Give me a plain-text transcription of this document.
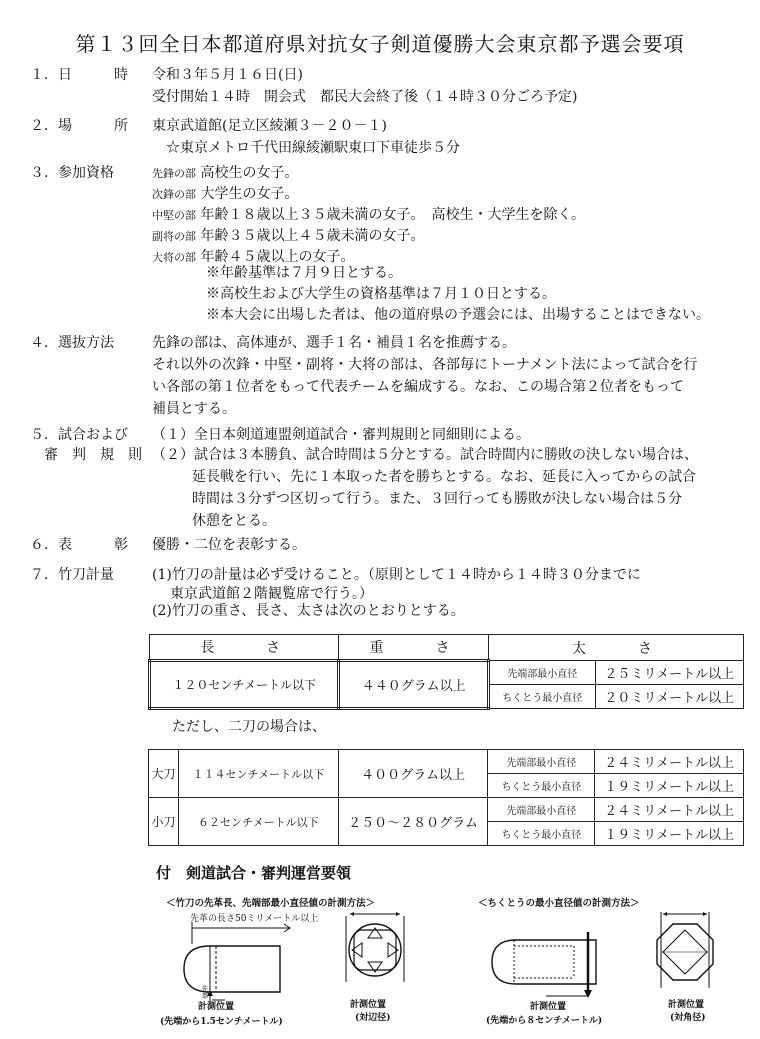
第１３回全日本都道府県対抗女子剣道優勝大会東京都予選会要項
１．日　　　時 令和３年５月１６日(日)
受付開始１４時　開会式　都民大会終了後（１４時３０分ごろ予定)
２．場　　　所 東京武道館(足立区綾瀬３－２０－１)
☆東京メトロ千代田線綾瀬駅東口下車徒歩５分
３．参加資格	先鋒の部 高校生の女子。
次鋒の部 大学生の女子。
中堅の部 年齢１８歳以上３５歳未満の女子。　高校生・大学生を除く。
副将の部 年齢３５歳以上４５歳未満の女子。
大将の部 年齢４５歳以上の女子。
※年齢基準は７月９日とする。
※高校生および大学生の資格基準は７月１０日とする。
※本大会に出場した者は、他の道府県の予選会には、出場することはできない。
４．選抜方法	先鋒の部は、高体連が、選手１名・補員１名を推薦する。
それ以外の次鋒・中堅・副将・大将の部は、各部毎にトーナメント法によって試合を行
い各部の第１位者をもって代表チームを編成する。なお、この場合第２位者をもって
補員とする。
５．試合および
審　判　規　則
（１）全日本剣道連盟剣道試合・審判規則と同細則による。
（２）試合は３本勝負、試合時間は５分とする。試合時間内に勝敗の決しない場合は、
延長戦を行い、先に１本取った者を勝ちとする。なお、延長に入ってからの試合
時間は３分ずつ区切って行う。また、３回行っても勝敗が決しない場合は５分
休憩をとる。
６．表　　　彰 優勝・二位を表彰する。
７．竹刀計量	(1)竹刀の計量は必ず受けること。（原則として１４時から１４時３０分までに
東京武道館２階観覧席で行う。）
(2)竹刀の重さ、長さ、太さは次のとおりとする。
長　　さ	重　　さ	太　　さ	
１２０センチメートル以下	４４０グラム以上	先端部最小直径	２５ミリメートル以上
		ちくとう最小直径	２０ミリメートル以上
ただし、二刀の場合は、
大刀	１１４センチメートル以下	４００グラム以上	先端部最小直径	２４ミリメートル以上
			ちくとう最小直径	１９ミリメートル以上
小刀	６２センチメートル以下	２５０～２８０グラム	先端部最小直径	２４ミリメートル以上
			ちくとう最小直径	１９ミリメートル以上
付　剣道試合・審判運営要領
＜竹刀の先革長、先端部最小直径値の計測方法＞
先革の長さ50ミリメートル以上
計測位置
(先端から1.5センチメートル)
先革
計測位置
(対辺径)
＜ちくとうの最小直径値の計測方法＞
計測位置
(先端から８センチメートル)
計測位置
(対角径)
